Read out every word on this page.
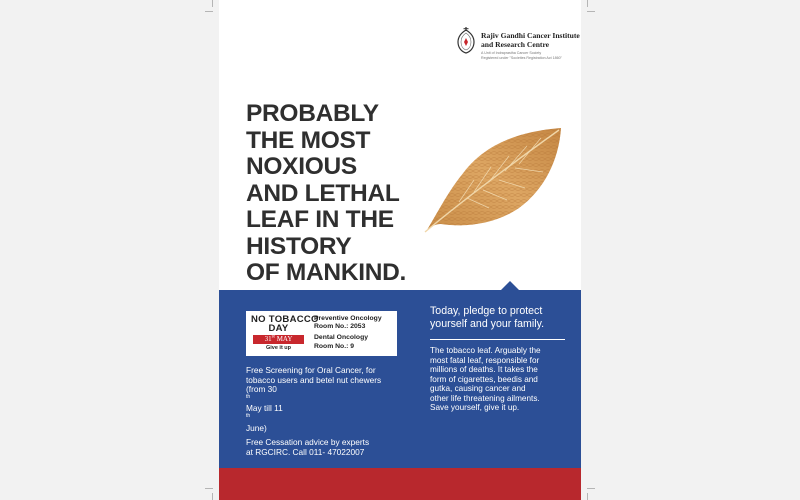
Rajiv Gandhi Cancer Institute
and Research Centre
A Unit of Indraprastha Cancer Society
Registered under "Societies Registration Act 1860"
PROBABLY
THE MOST
NOXIOUS
AND LETHAL
LEAF IN THE
HISTORY
OF MANKIND.
NO TOBACCO
DAY
31st MAY
Give it up
Preventive Oncology
Room No.: 2053
Dental Oncology
Room No.: 9
Free Screening for Oral Cancer, for
tobacco users and betel nut chewers
(from 30
$^{th}$
May till 11
$^{th}$
June)
Free Cessation advice by experts
at RGCIRC. Call 011- 47022007
Today, pledge to protect
yourself and your family.
The tobacco leaf. Arguably the
most fatal leaf, responsible for
millions of deaths. It takes the
form of cigarettes, beedis and
gutka, causing cancer and
other life threatening ailments.
Save yourself, give it up.
